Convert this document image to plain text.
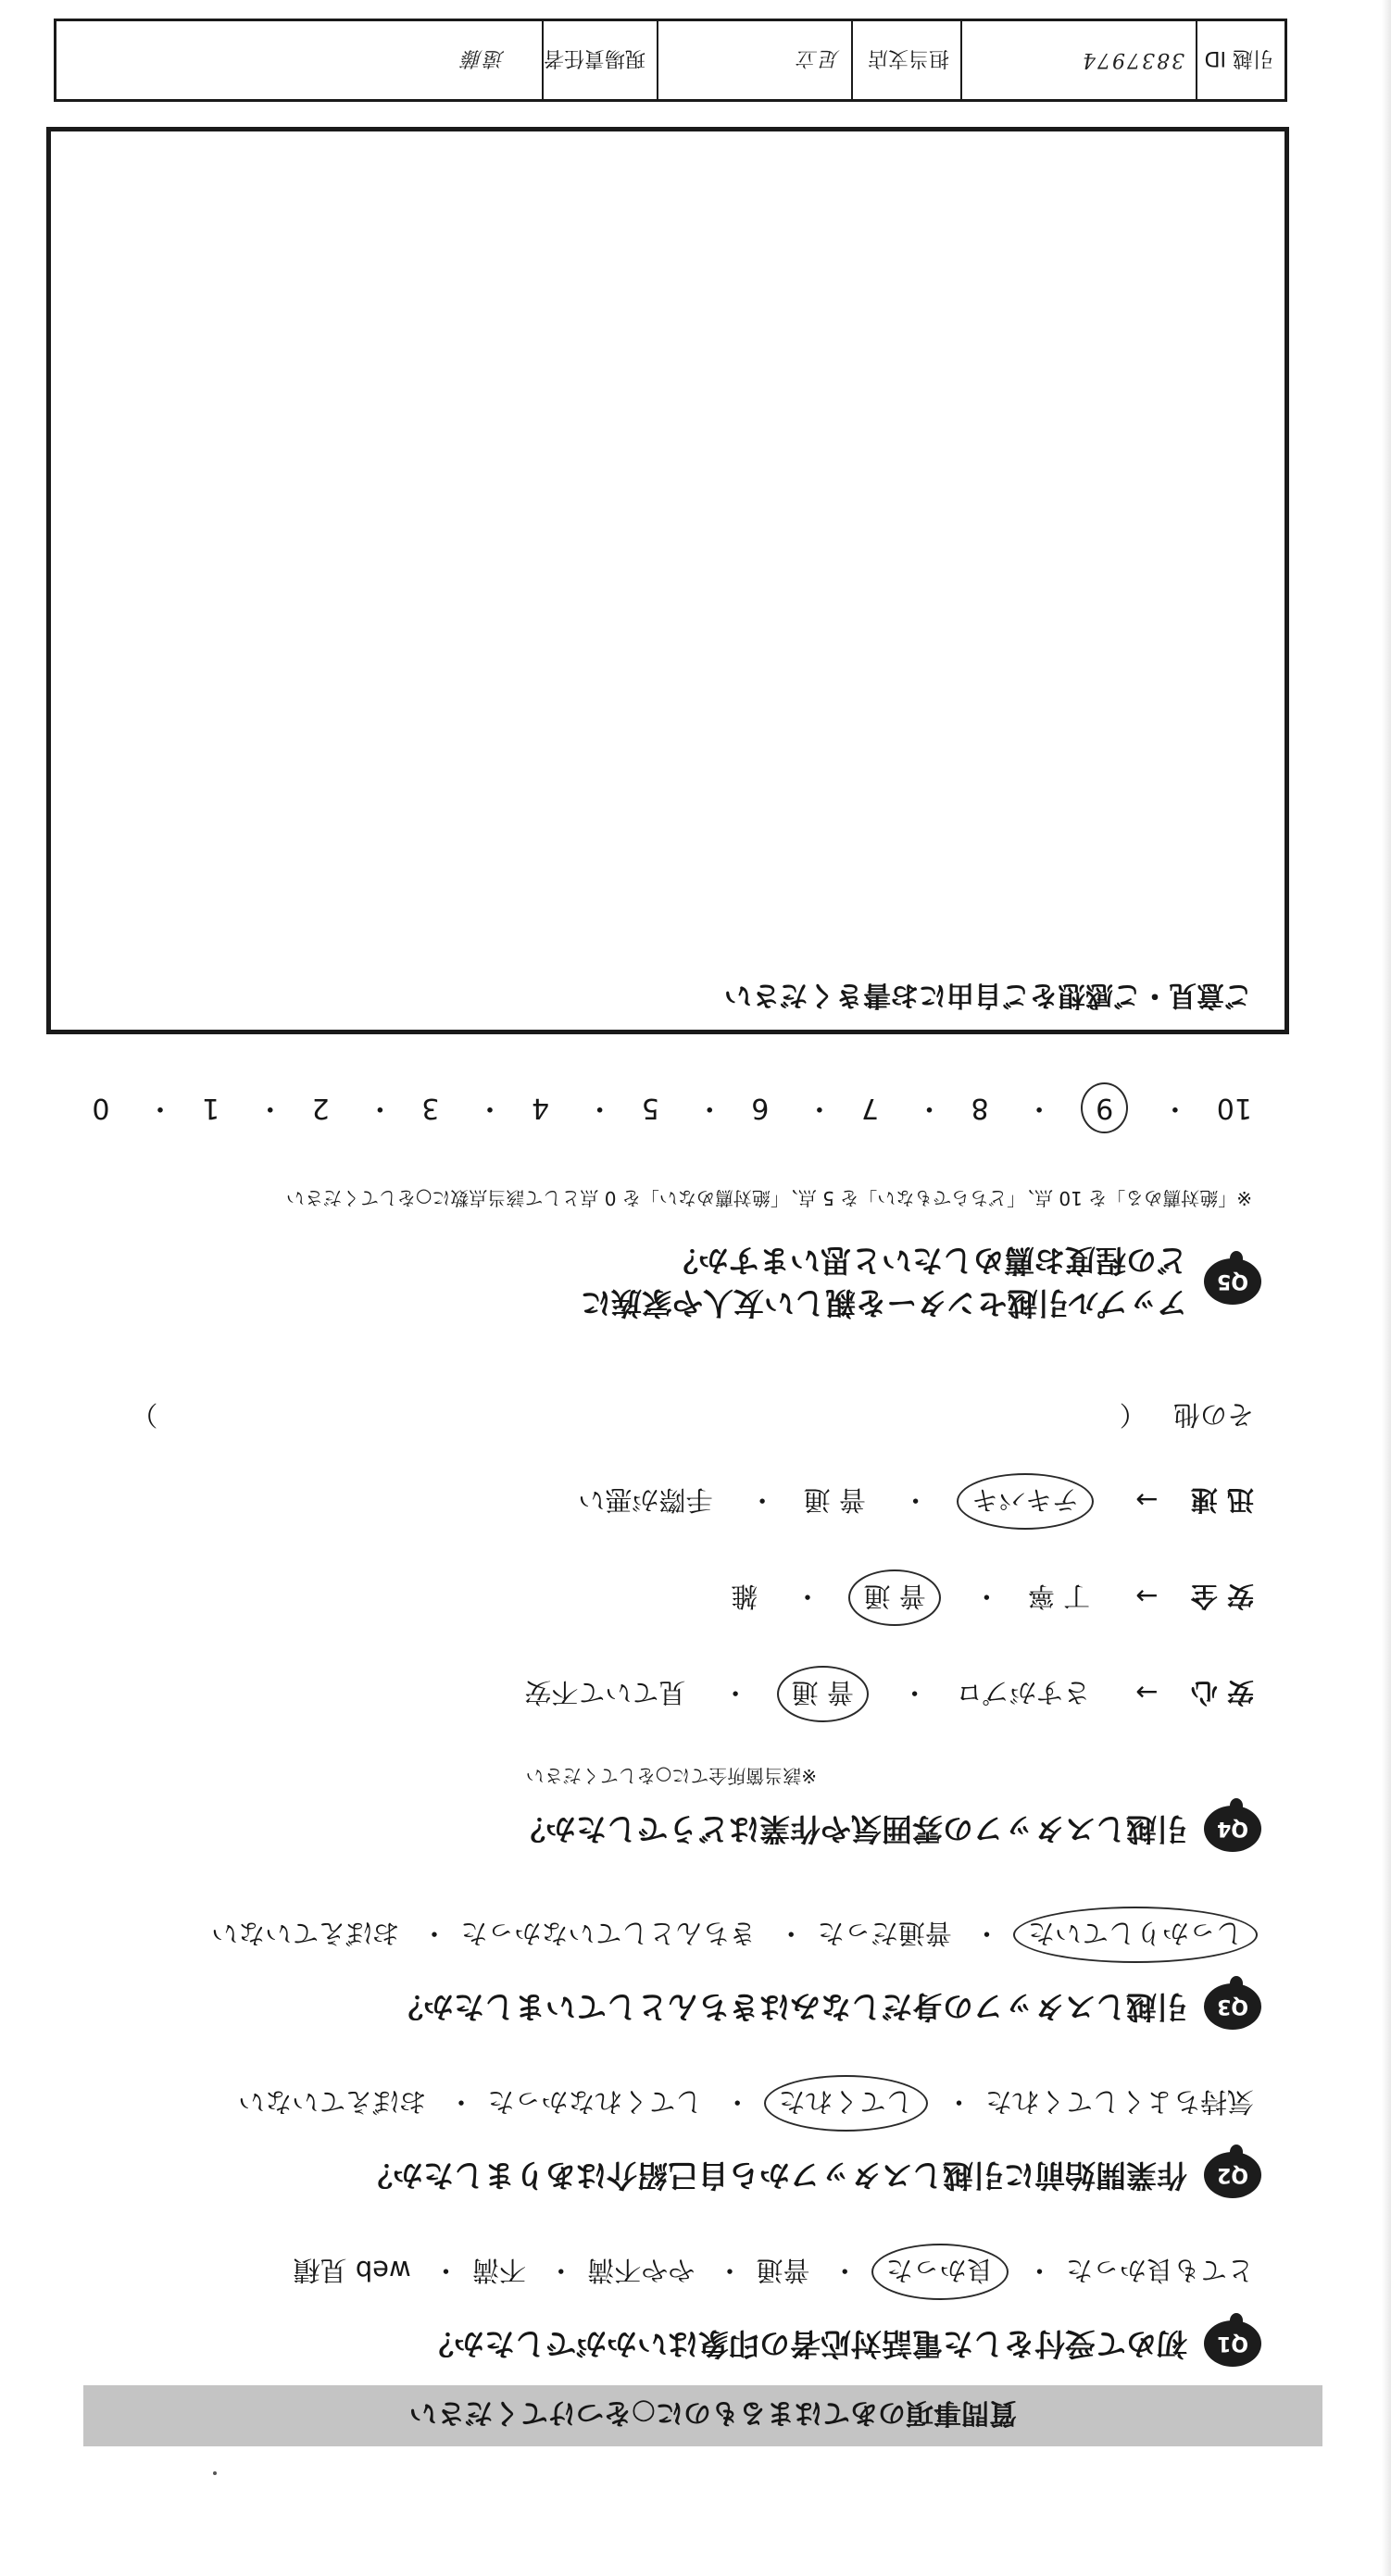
質問事項のあてはまるものに○をつけてください
Q1
初めて受付をした電話対応者の印象はいかがでしたか？
とても良かった・ 良かった・ 普通・ やや不満・ 不満・ web 見積
Q2
作業開始前に引越しスタッフから自己紹介はありましたか？
気持ちよくしてくれた・ してくれた・ してくれなかった・ おぼえていない
Q3
引越しスタッフの身だしなみはきちんとしていましたか？
しっかりしていた・ 普通だった・ きちんとしていなかった・ おぼえていない
Q4
引越しスタッフの雰囲気や作業はどうでしたか？
※該当箇所全てに○をしてください
安 心 → さすがプロ・ 普 通・ 見ていて不安
安 全 → 丁 寧・ 普 通・ 雑
迅 速 → テキパキ・ 普 通・ 手際が悪い
その他 （  ）
Q5
アップル引越センターを親しい友人や家族に
どの程度お薦めしたいと思いますか？
※「絶対薦める」を 10 点、「どちらでもない」を 5 点、「絶対薦めない」を 0 点として該当点数に○をしてください
10・ 9・ 8・ 7・ 6・ 5・ 4・ 3・ 2・ 1・ 0
ご意見・ご感想をご自由にお書きください
引越 ID
3837974
担当支店
足立
現場責任者
遠藤
